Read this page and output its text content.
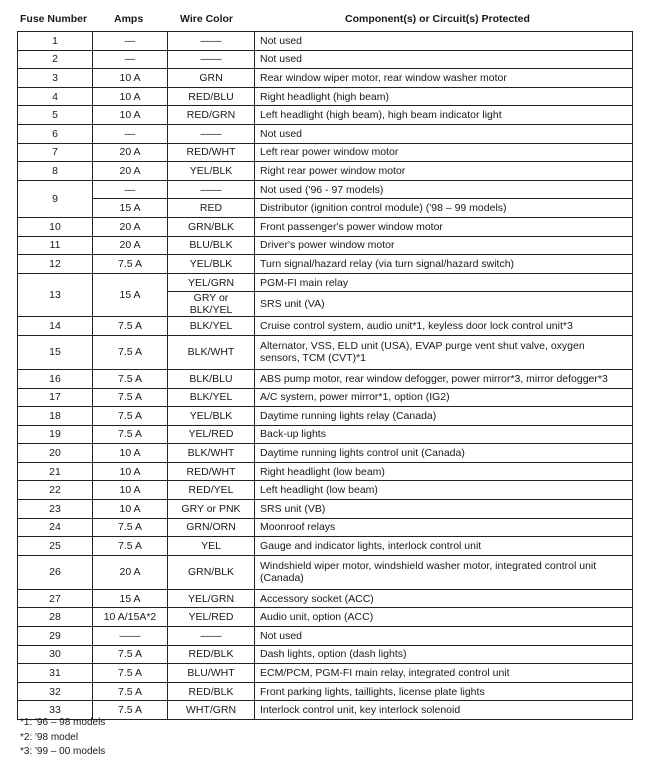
Fuse Number	Amps	Wire Color	Component(s) or Circuit(s) Protected
1	—	——	Not used
2	—	——	Not used
3	10 A	GRN	Rear window wiper motor, rear window washer motor
4	10 A	RED/BLU	Right headlight (high beam)
5	10 A	RED/GRN	Left headlight (high beam), high beam indicator light
6	—	——	Not used
7	20 A	RED/WHT	Left rear power window motor
8	20 A	YEL/BLK	Right rear power window motor
9	—	——	Not used ('96 - 97 models)
	15 A	RED	Distributor (ignition control module) ('98 – 99 models)
10	20 A	GRN/BLK	Front passenger's power window motor
11	20 A	BLU/BLK	Driver's power window motor
12	7.5 A	YEL/BLK	Turn signal/hazard relay (via turn signal/hazard switch)
13	15 A	YEL/GRN	PGM-FI main relay
		GRY or BLK/YEL	SRS unit (VA)
14	7.5 A	BLK/YEL	Cruise control system, audio unit*1, keyless door lock control unit*3
15	7.5 A	BLK/WHT	Alternator, VSS, ELD unit (USA), EVAP purge vent shut valve, oxygen sensors, TCM (CVT)*1
16	7.5 A	BLK/BLU	ABS pump motor, rear window defogger, power mirror*3, mirror defogger*3
17	7.5 A	BLK/YEL	A/C system, power mirror*1, option (IG2)
18	7.5 A	YEL/BLK	Daytime running lights relay (Canada)
19	7.5 A	YEL/RED	Back-up lights
20	10 A	BLK/WHT	Daytime running lights control unit (Canada)
21	10 A	RED/WHT	Right headlight (low beam)
22	10 A	RED/YEL	Left headlight (low beam)
23	10 A	GRY or PNK	SRS unit (VB)
24	7.5 A	GRN/ORN	Moonroof relays
25	7.5 A	YEL	Gauge and indicator lights, interlock control unit
26	20 A	GRN/BLK	Windshield wiper motor, windshield washer motor, integrated control unit (Canada)
27	15 A	YEL/GRN	Accessory socket (ACC)
28	10 A/15A*2	YEL/RED	Audio unit, option (ACC)
29	——	——	Not used
30	7.5 A	RED/BLK	Dash lights, option (dash lights)
31	7.5 A	BLU/WHT	ECM/PCM, PGM-FI main relay, integrated control unit
32	7.5 A	RED/BLK	Front parking lights, taillights, license plate lights
33	7.5 A	WHT/GRN	Interlock control unit, key interlock solenoid
*1: '96 – 98 models
*2: '98 model
*3: '99 – 00 models
